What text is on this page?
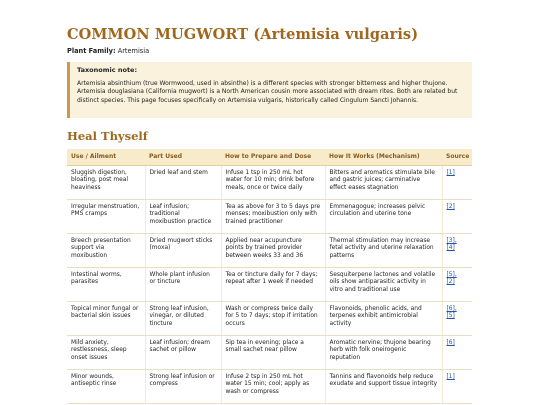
COMMON MUGWORT (Artemisia vulgaris)
Plant Family: Artemisia
Taxonomic note:
Artemisia absinthium (true Wormwood, used in absinthe) is a different species with stronger bitterness and higher thujone. Artemisia douglasiana (California mugwort) is a North American cousin more associated with dream rites. Both are related but distinct species. This page focuses specifically on Artemisia vulgaris, historically called Cingulum Sancti Johannis.
Heal Thyself
Use / Ailment	Part Used	How to Prepare and Dose	How It Works (Mechanism)	Source
Sluggish digestion, bloating, post meal heaviness	Dried leaf and stem	Infuse 1 tsp in 250 mL hot water for 10 min; drink before meals, once or twice daily	Bitters and aromatics stimulate bile and gastric juices; carminative effect eases stagnation	[1]
Irregular menstruation, PMS cramps	Leaf infusion; traditional moxibustion practice	Tea as above for 3 to 5 days pre menses; moxibustion only with trained practitioner	Emmenagogue; increases pelvic circulation and uterine tone	[2]
Breech presentation support via moxibustion	Dried mugwort sticks (moxa)	Applied near acupuncture points by trained provider between weeks 33 and 36	Thermal stimulation may increase fetal activity and uterine relaxation patterns	[3],
[4]
Intestinal worms, parasites	Whole plant infusion or tincture	Tea or tincture daily for 7 days; repeat after 1 week if needed	Sesquiterpene lactones and volatile oils show antiparasitic activity in vitro and traditional use	[5],
[2]
Topical minor fungal or bacterial skin issues	Strong leaf infusion, vinegar, or diluted tincture	Wash or compress twice daily for 5 to 7 days; stop if irritation occurs	Flavonoids, phenolic acids, and terpenes exhibit antimicrobial activity	[6],
[5]
Mild anxiety, restlessness, sleep onset issues	Leaf infusion; dream sachet or pillow	Sip tea in evening; place a small sachet near pillow	Aromatic nervine; thujone bearing herb with folk oneirogenic reputation	[6]
Minor wounds, antiseptic rinse	Strong leaf infusion or compress	Infuse 2 tsp in 250 mL hot water 15 min; cool; apply as wash or compress	Tannins and flavonoids help reduce exudate and support tissue integrity	[1]
